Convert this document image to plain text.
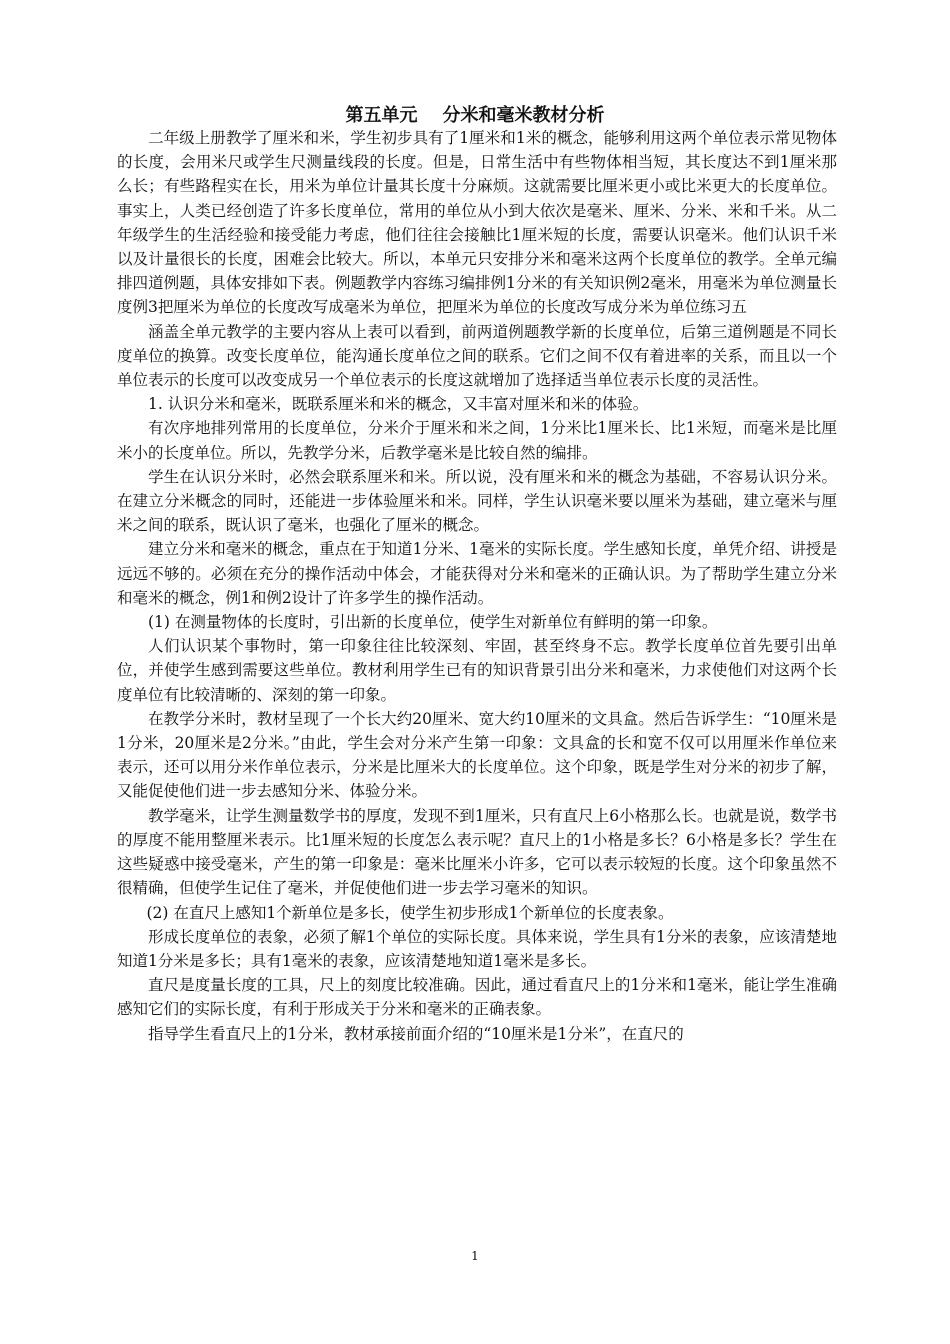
第五单元    分米和毫米教材分析

二年级上册教学了厘米和米，学生初步具有了1厘米和1米的概念，能够利用这两个单位表示常见物体的长度，会用米尺或学生尺测量线段的长度。但是，日常生活中有些物体相当短，其长度达不到1厘米那么长；有些路程实在长，用米为单位计量其长度十分麻烦。这就需要比厘米更小或比米更大的长度单位。事实上，人类已经创造了许多长度单位，常用的单位从小到大依次是毫米、厘米、分米、米和千米。从二年级学生的生活经验和接受能力考虑，他们往往会接触比1厘米短的长度，需要认识毫米。他们认识千米以及计量很长的长度，困难会比较大。所以，本单元只安排分米和毫米这两个长度单位的教学。全单元编排四道例题，具体安排如下表。例题教学内容练习编排例1分米的有关知识例2毫米，用毫米为单位测量长度例3把厘米为单位的长度改写成毫米为单位，把厘米为单位的长度改写成分米为单位练习五

涵盖全单元教学的主要内容从上表可以看到，前两道例题教学新的长度单位，后第三道例题是不同长度单位的换算。改变长度单位，能沟通长度单位之间的联系。它们之间不仅有着进率的关系，而且以一个单位表示的长度可以改变成另一个单位表示的长度这就增加了选择适当单位表示长度的灵活性。

1. 认识分米和毫米，既联系厘米和米的概念，又丰富对厘米和米的体验。

有次序地排列常用的长度单位，分米介于厘米和米之间，1分米比1厘米长、比1米短，而毫米是比厘米小的长度单位。所以，先教学分米，后教学毫米是比较自然的编排。

学生在认识分米时，必然会联系厘米和米。所以说，没有厘米和米的概念为基础，不容易认识分米。在建立分米概念的同时，还能进一步体验厘米和米。同样，学生认识毫米要以厘米为基础，建立毫米与厘米之间的联系，既认识了毫米，也强化了厘米的概念。

建立分米和毫米的概念，重点在于知道1分米、1毫米的实际长度。学生感知长度，单凭介绍、讲授是远远不够的。必须在充分的操作活动中体会，才能获得对分米和毫米的正确认识。为了帮助学生建立分米和毫米的概念，例1和例2设计了许多学生的操作活动。

(1) 在测量物体的长度时，引出新的长度单位，使学生对新单位有鲜明的第一印象。

人们认识某个事物时，第一印象往往比较深刻、牢固，甚至终身不忘。教学长度单位首先要引出单位，并使学生感到需要这些单位。教材利用学生已有的知识背景引出分米和毫米，力求使他们对这两个长度单位有比较清晰的、深刻的第一印象。

在教学分米时，教材呈现了一个长大约20厘米、宽大约10厘米的文具盒。然后告诉学生：“10厘米是1分米，20厘米是2分米。”由此，学生会对分米产生第一印象：文具盒的长和宽不仅可以用厘米作单位来表示，还可以用分米作单位表示，分米是比厘米大的长度单位。这个印象，既是学生对分米的初步了解，又能促使他们进一步去感知分米、体验分米。

教学毫米，让学生测量数学书的厚度，发现不到1厘米，只有直尺上6小格那么长。也就是说，数学书的厚度不能用整厘米表示。比1厘米短的长度怎么表示呢？直尺上的1小格是多长？6小格是多长？学生在这些疑惑中接受毫米，产生的第一印象是：毫米比厘米小许多，它可以表示较短的长度。这个印象虽然不很精确，但使学生记住了毫米，并促使他们进一步去学习毫米的知识。

(2) 在直尺上感知1个新单位是多长，使学生初步形成1个新单位的长度表象。

形成长度单位的表象，必须了解1个单位的实际长度。具体来说，学生具有1分米的表象，应该清楚地知道1分米是多长；具有1毫米的表象，应该清楚地知道1毫米是多长。

直尺是度量长度的工具，尺上的刻度比较准确。因此，通过看直尺上的1分米和1毫米，能让学生准确感知它们的实际长度，有利于形成关于分米和毫米的正确表象。

指导学生看直尺上的1分米，教材承接前面介绍的“10厘米是1分米”，在直尺的

1
